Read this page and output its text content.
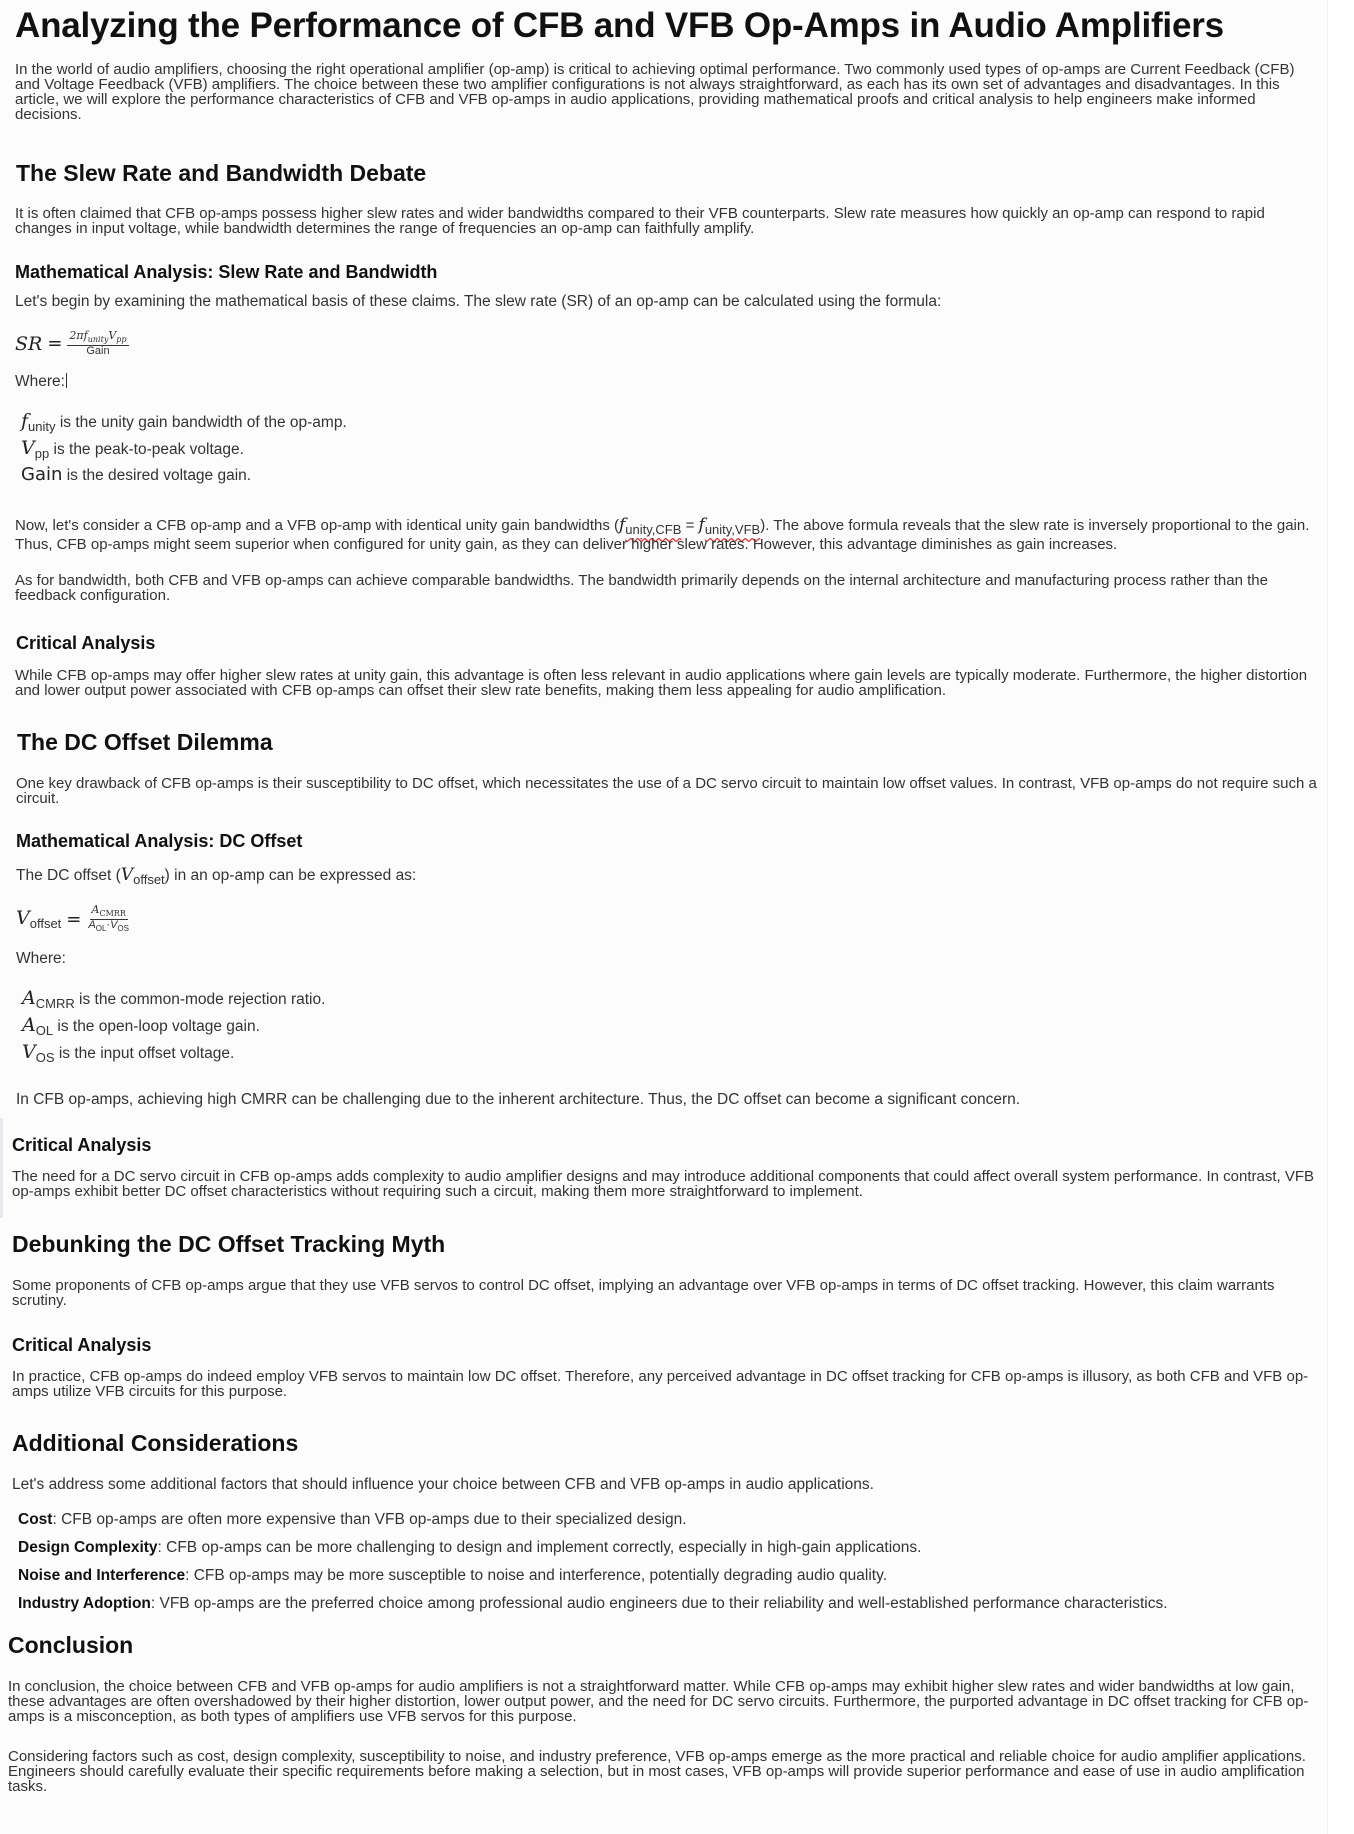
Analyzing the Performance of CFB and VFB Op-Amps in Audio Amplifiers

In the world of audio amplifiers, choosing the right operational amplifier (op-amp) is critical to achieving optimal performance. Two commonly used types of op-amps are Current Feedback (CFB) and Voltage Feedback (VFB) amplifiers. The choice between these two amplifier configurations is not always straightforward, as each has its own set of advantages and disadvantages. In this article, we will explore the performance characteristics of CFB and VFB op-amps in audio applications, providing mathematical proofs and critical analysis to help engineers make informed decisions.

The Slew Rate and Bandwidth Debate

It is often claimed that CFB op-amps possess higher slew rates and wider bandwidths compared to their VFB counterparts. Slew rate measures how quickly an op-amp can respond to rapid changes in input voltage, while bandwidth determines the range of frequencies an op-amp can faithfully amplify.

Mathematical Analysis: Slew Rate and Bandwidth

Let's begin by examining the mathematical basis of these claims. The slew rate (SR) of an op-amp can be calculated using the formula:

SR = $\frac{2\pi f_{unity}V_{pp}}{\text{Gain}}$

Where:

$f_{unity}$ is the unity gain bandwidth of the op-amp.

$V_{pp}$ is the peak-to-peak voltage.

Gain is the desired voltage gain.

Now, let's consider a CFB op-amp and a VFB op-amp with identical unity gain bandwidths (funity,CFB = funity,VFB). The above formula reveals that the slew rate is inversely proportional to the gain. Thus, CFB op-amps might seem superior when configured for unity gain, as they can deliver higher slew rates. However, this advantage diminishes as gain increases.

As for bandwidth, both CFB and VFB op-amps can achieve comparable bandwidths. The bandwidth primarily depends on the internal architecture and manufacturing process rather than the feedback configuration.

Critical Analysis

While CFB op-amps may offer higher slew rates at unity gain, this advantage is often less relevant in audio applications where gain levels are typically moderate. Furthermore, the higher distortion and lower output power associated with CFB op-amps can offset their slew rate benefits, making them less appealing for audio amplification.

The DC Offset Dilemma

One key drawback of CFB op-amps is their susceptibility to DC offset, which necessitates the use of a DC servo circuit to maintain low offset values. In contrast, VFB op-amps do not require such a circuit.

Mathematical Analysis: DC Offset

The DC offset $(V_{offset})$ in an op-amp can be expressed as:

$V_{offset} = \frac{A_{CMRR}}{A_{OL}\cdot V_{OS}}$

Where:

$A_{CMRR}$ is the common-mode rejection ratio.

$A_{OL}$ is the open-loop voltage gain.

$V_{OS}$ is the input offset voltage.

In CFB op-amps, achieving high CMRR can be challenging due to the inherent architecture. Thus, the DC offset can become a significant concern.

Critical Analysis

The need for a DC servo circuit in CFB op-amps adds complexity to audio amplifier designs and may introduce additional components that could affect overall system performance. In contrast, VFB op-amps exhibit better DC offset characteristics without requiring such a circuit, making them more straightforward to implement.

Debunking the DC Offset Tracking Myth

Some proponents of CFB op-amps argue that they use VFB servos to control DC offset, implying an advantage over VFB op-amps in terms of DC offset tracking. However, this claim warrants scrutiny.

Critical Analysis

In practice, CFB op-amps do indeed employ VFB servos to maintain low DC offset. Therefore, any perceived advantage in DC offset tracking for CFB op-amps is illusory, as both CFB and VFB op-amps utilize VFB circuits for this purpose.

Additional Considerations

Let's address some additional factors that should influence your choice between CFB and VFB op-amps in audio applications.

Cost: CFB op-amps are often more expensive than VFB op-amps due to their specialized design.

Design Complexity: CFB op-amps can be more challenging to design and implement correctly, especially in high-gain applications.

Noise and Interference: CFB op-amps may be more susceptible to noise and interference, potentially degrading audio quality.

Industry Adoption: VFB op-amps are the preferred choice among professional audio engineers due to their reliability and well-established performance characteristics.

Conclusion

In conclusion, the choice between CFB and VFB op-amps for audio amplifiers is not a straightforward matter. While CFB op-amps may exhibit higher slew rates and wider bandwidths at low gain, these advantages are often overshadowed by their higher distortion, lower output power, and the need for DC servo circuits. Furthermore, the purported advantage in DC offset tracking for CFB op-amps is a misconception, as both types of amplifiers use VFB servos for this purpose.

Considering factors such as cost, design complexity, susceptibility to noise, and industry preference, VFB op-amps emerge as the more practical and reliable choice for audio amplifier applications. Engineers should carefully evaluate their specific requirements before making a selection, but in most cases, VFB op-amps will provide superior performance and ease of use in audio amplification tasks.
